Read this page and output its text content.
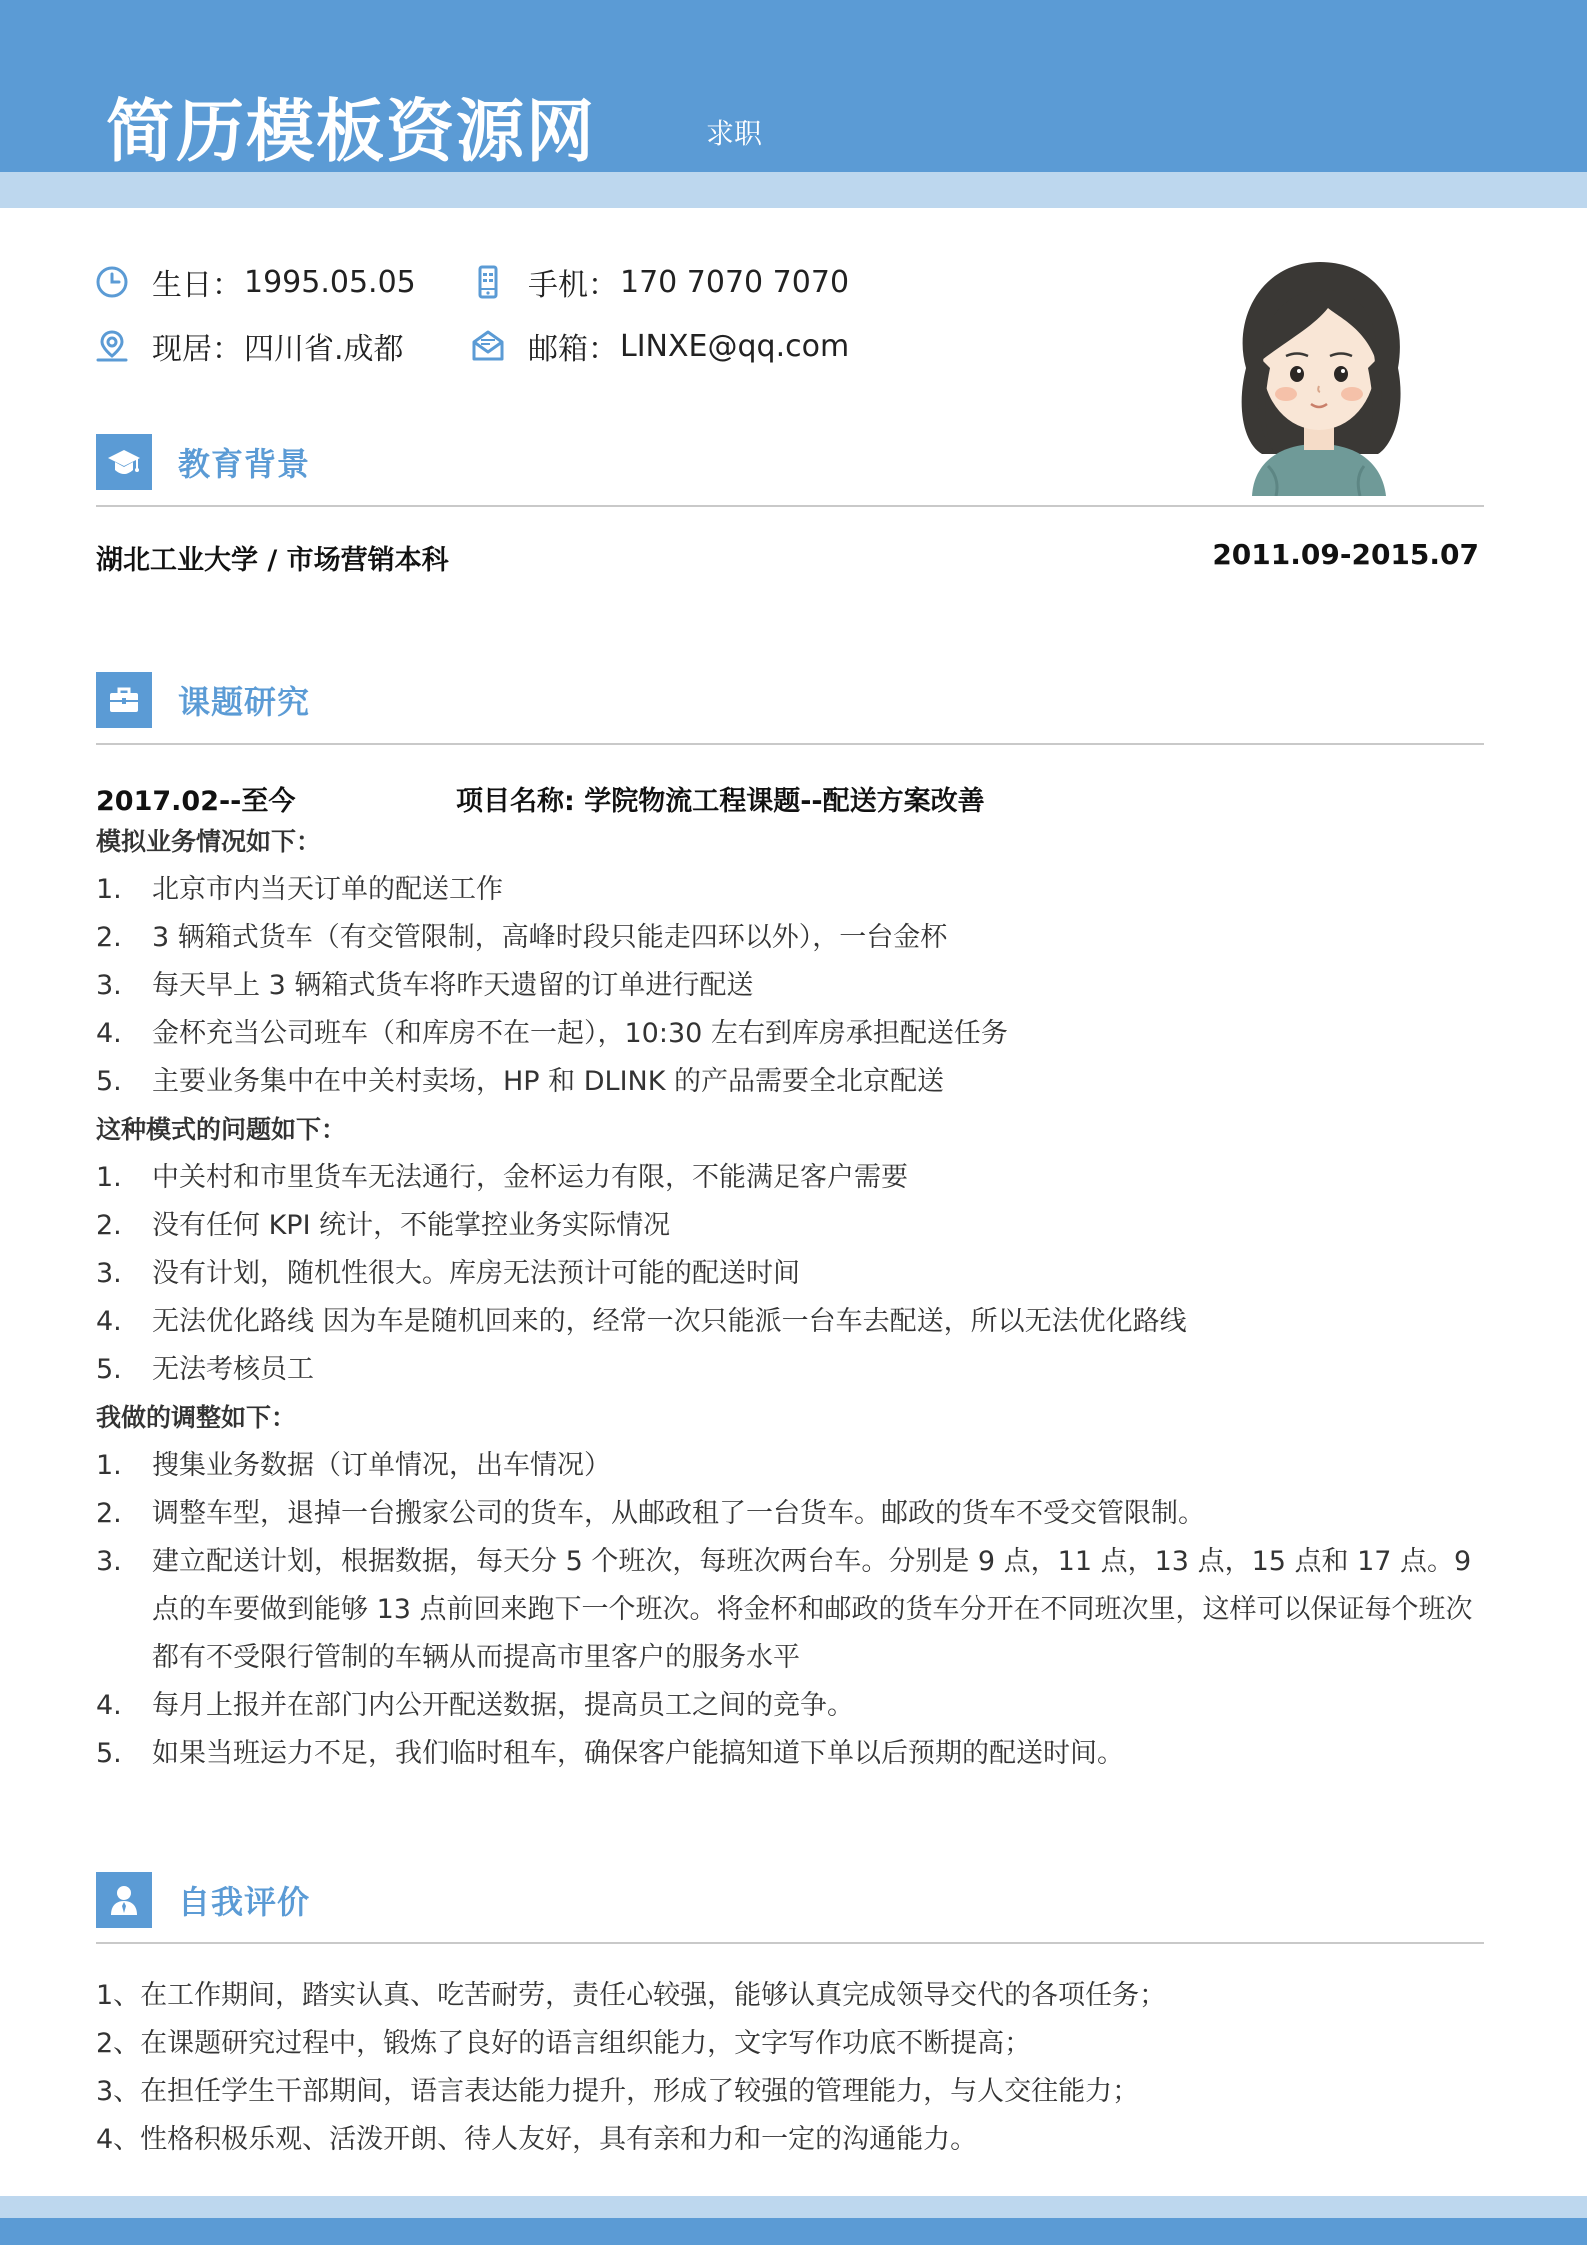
简历模板资源网	求职
生日： 1995.05.05	手机： 170 7070 7070
现居： 四川省.成都	邮箱： LINXE@qq.com
教育背景
湖北工业大学 / 市场营销本科	2011.09-2015.07
课题研究
2017.02--至今	项目名称: 学院物流工程课题--配送方案改善
模拟业务情况如下：
1.	北京市内当天订单的配送工作
2.	3 辆箱式货车（有交管限制，高峰时段只能走四环以外），一台金杯
3.	每天早上 3 辆箱式货车将昨天遗留的订单进行配送
4.	金杯充当公司班车（和库房不在一起），10:30 左右到库房承担配送任务
5.	主要业务集中在中关村卖场，HP 和 DLINK 的产品需要全北京配送
这种模式的问题如下：
1.	中关村和市里货车无法通行，金杯运力有限，不能满足客户需要
2.	没有任何 KPI 统计，不能掌控业务实际情况
3.	没有计划，随机性很大。库房无法预计可能的配送时间
4.	无法优化路线 因为车是随机回来的，经常一次只能派一台车去配送，所以无法优化路线
5.	无法考核员工
我做的调整如下：
1.	搜集业务数据（订单情况，出车情况）
2.	调整车型，退掉一台搬家公司的货车，从邮政租了一台货车。邮政的货车不受交管限制。
3.	建立配送计划，根据数据，每天分 5 个班次，每班次两台车。分别是 9 点，11 点，13 点，15 点和 17 点。9 点的车要做到能够 13 点前回来跑下一个班次。将金杯和邮政的货车分开在不同班次里，这样可以保证每个班次都有不受限行管制的车辆从而提高市里客户的服务水平
4.	每月上报并在部门内公开配送数据，提高员工之间的竞争。
5.	如果当班运力不足，我们临时租车，确保客户能搞知道下单以后预期的配送时间。
自我评价
1、在工作期间，踏实认真、吃苦耐劳，责任心较强，能够认真完成领导交代的各项任务；
2、在课题研究过程中，锻炼了良好的语言组织能力，文字写作功底不断提高；
3、在担任学生干部期间，语言表达能力提升，形成了较强的管理能力，与人交往能力；
4、性格积极乐观、活泼开朗、待人友好，具有亲和力和一定的沟通能力。
